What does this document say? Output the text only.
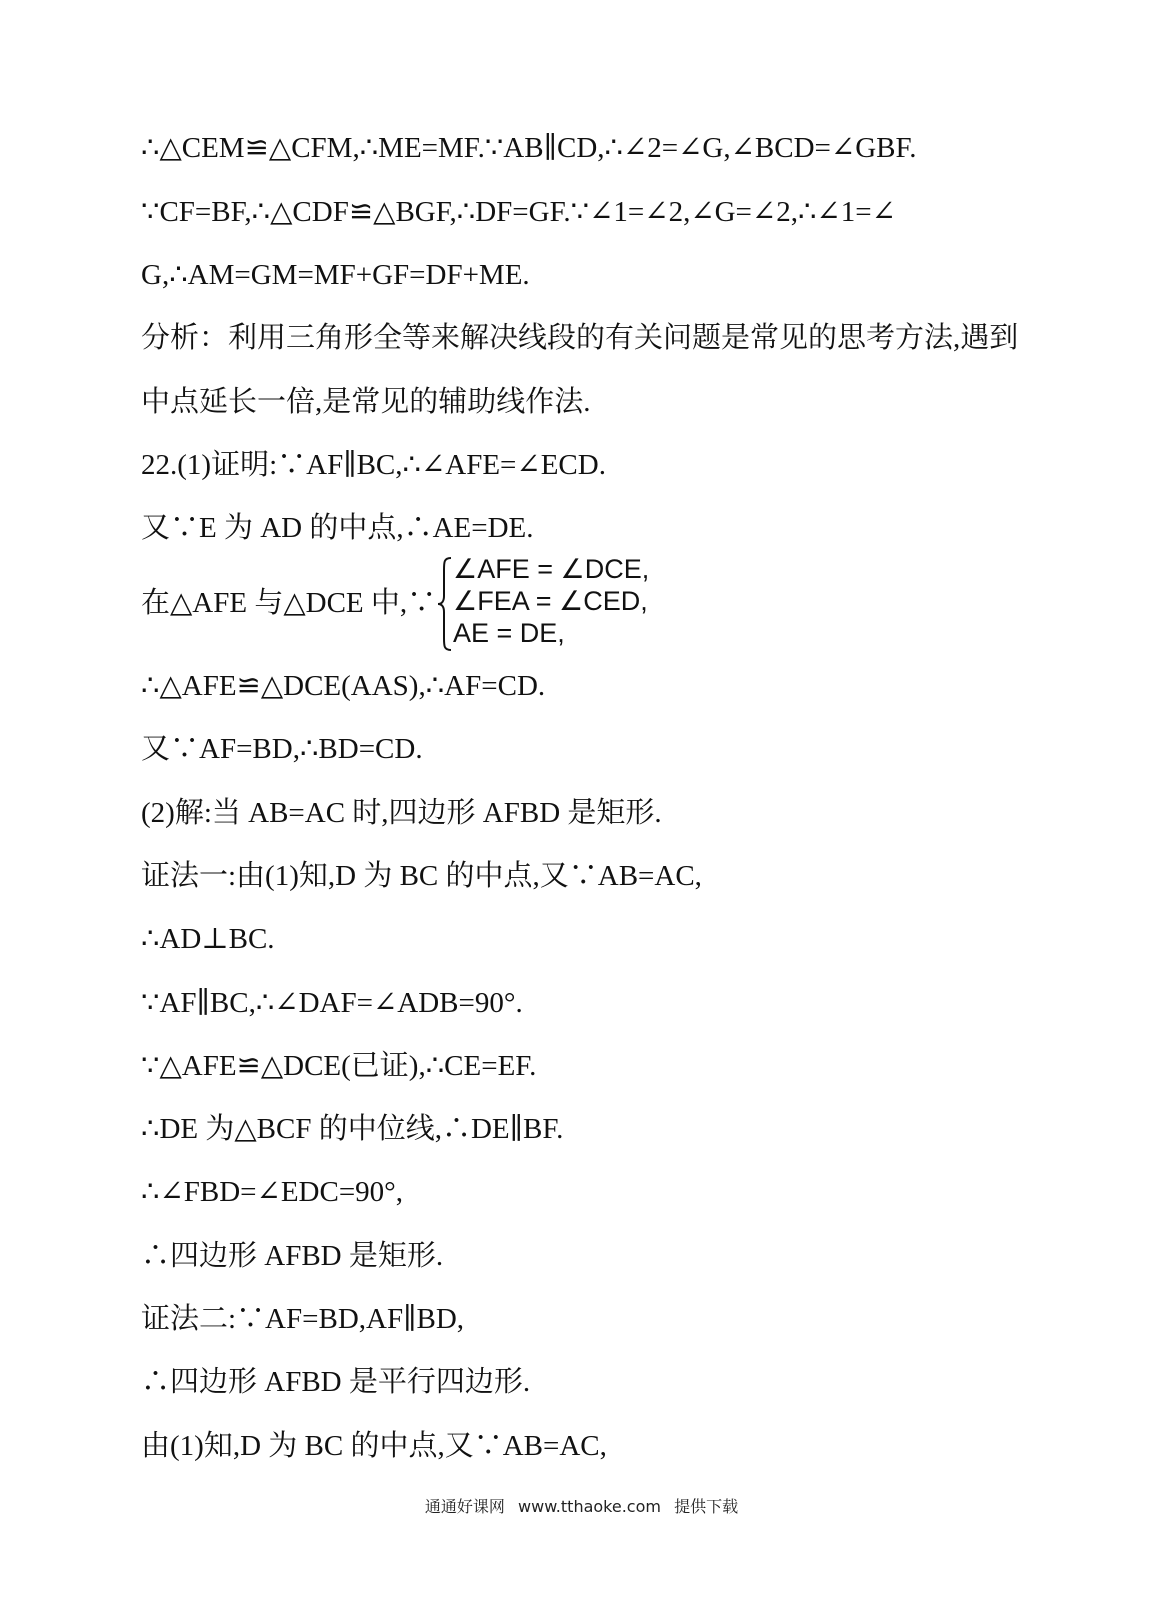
∴△CEM≌△CFM,∴ME=MF.∵AB∥CD,∴∠2=∠G,∠BCD=∠GBF.
∵CF=BF,∴△CDF≌△BGF,∴DF=GF.∵∠1=∠2,∠G=∠2,∴∠1=∠
G,∴AM=GM=MF+GF=DF+ME.
分析：利用三角形全等来解决线段的有关问题是常见的思考方法,遇到
中点延长一倍,是常见的辅助线作法.
22.(1)证明:∵AF∥BC,∴∠AFE=∠ECD.
又∵E 为 AD 的中点,∴AE=DE.
在△AFE 与△DCE 中,∵
∠AFE = ∠DCE,
∠FEA = ∠CED,
AE = DE,
∴△AFE≌△DCE(AAS),∴AF=CD.
又∵AF=BD,∴BD=CD.
(2)解:当 AB=AC 时,四边形 AFBD 是矩形.
证法一:由(1)知,D 为 BC 的中点,又∵AB=AC,
∴AD⊥BC.
∵AF∥BC,∴∠DAF=∠ADB=90°.
∵△AFE≌△DCE(已证),∴CE=EF.
∴DE 为△BCF 的中位线,∴DE∥BF.
∴∠FBD=∠EDC=90°,
∴四边形 AFBD 是矩形.
证法二:∵AF=BD,AF∥BD,
∴四边形 AFBD 是平行四边形.
由(1)知,D 为 BC 的中点,又∵AB=AC,
通通好课网 www.tthaoke.com 提供下载
